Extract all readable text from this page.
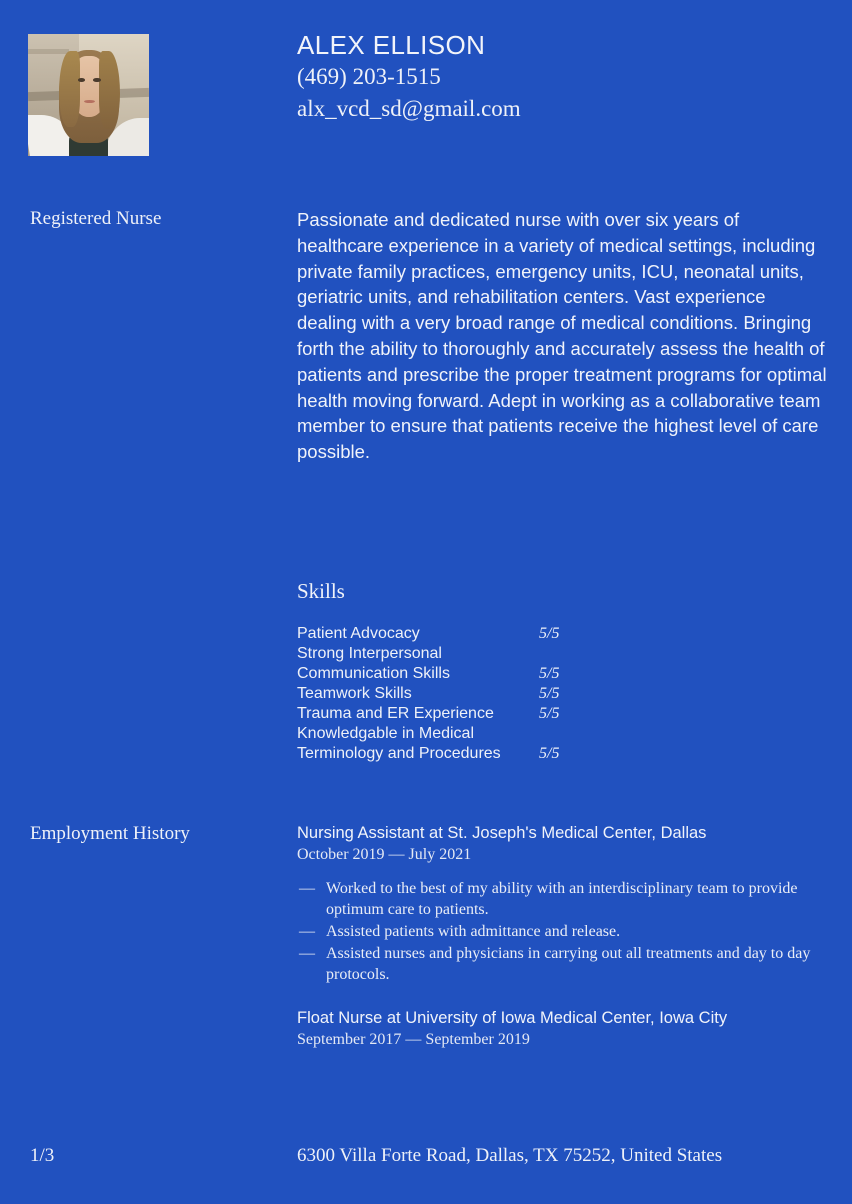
ALEX ELLISON
(469) 203-1515
alx_vcd_sd@gmail.com
Registered Nurse	Passionate and dedicated nurse with over six years of healthcare experience in a variety of medical settings, including private family practices, emergency units, ICU, neonatal units, geriatric units, and rehabilitation centers. Vast experience dealing with a very broad range of medical conditions. Bringing forth the ability to thoroughly and accurately assess the health of patients and prescribe the proper treatment programs for optimal health moving forward. Adept in working as a collaborative team member to ensure that patients receive the highest level of care possible.

Skills
Patient Advocacy	5/5
Strong Interpersonal Communication Skills	5/5
Teamwork Skills	5/5
Trauma and ER Experience	5/5
Knowledgable in Medical Terminology and Procedures	5/5
Employment History	Nursing Assistant at St. Joseph's Medical Center, Dallas
October 2019 — July 2021
— Worked to the best of my ability with an interdisciplinary team to provide optimum care to patients.
— Assisted patients with admittance and release.
— Assisted nurses and physicians in carrying out all treatments and day to day protocols.
Float Nurse at University of Iowa Medical Center, Iowa City
September 2017 — September 2019
1/3	6300 Villa Forte Road, Dallas, TX 75252, United States
